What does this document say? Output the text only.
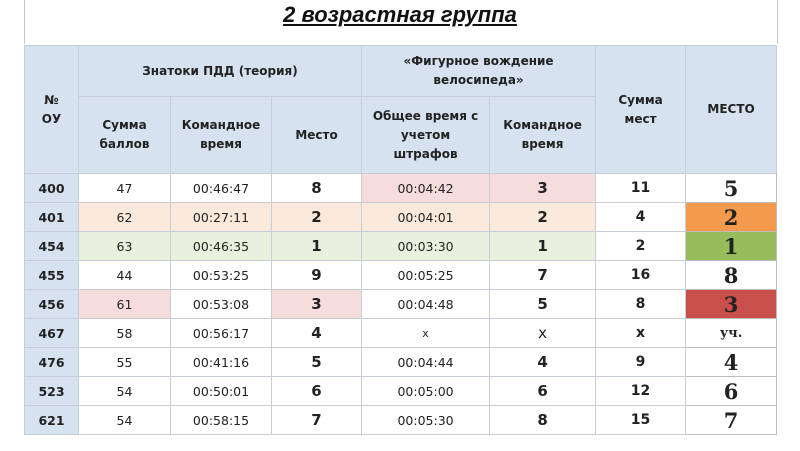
2 возрастная группа
№ ОУ	Знатоки ПДД (теория)			«Фигурное вождение велосипеда»		Сумма мест	МЕСТО
	Сумма баллов	Командное время	Место	Общее время с учетом штрафов	Командное время		
400	47	00:46:47	8	00:04:42	3	11	5
401	62	00:27:11	2	00:04:01	2	4	2
454	63	00:46:35	1	00:03:30	1	2	1
455	44	00:53:25	9	00:05:25	7	16	8
456	61	00:53:08	3	00:04:48	5	8	3
467	58	00:56:17	4	x	x	x	уч.
476	55	00:41:16	5	00:04:44	4	9	4
523	54	00:50:01	6	00:05:00	6	12	6
621	54	00:58:15	7	00:05:30	8	15	7
